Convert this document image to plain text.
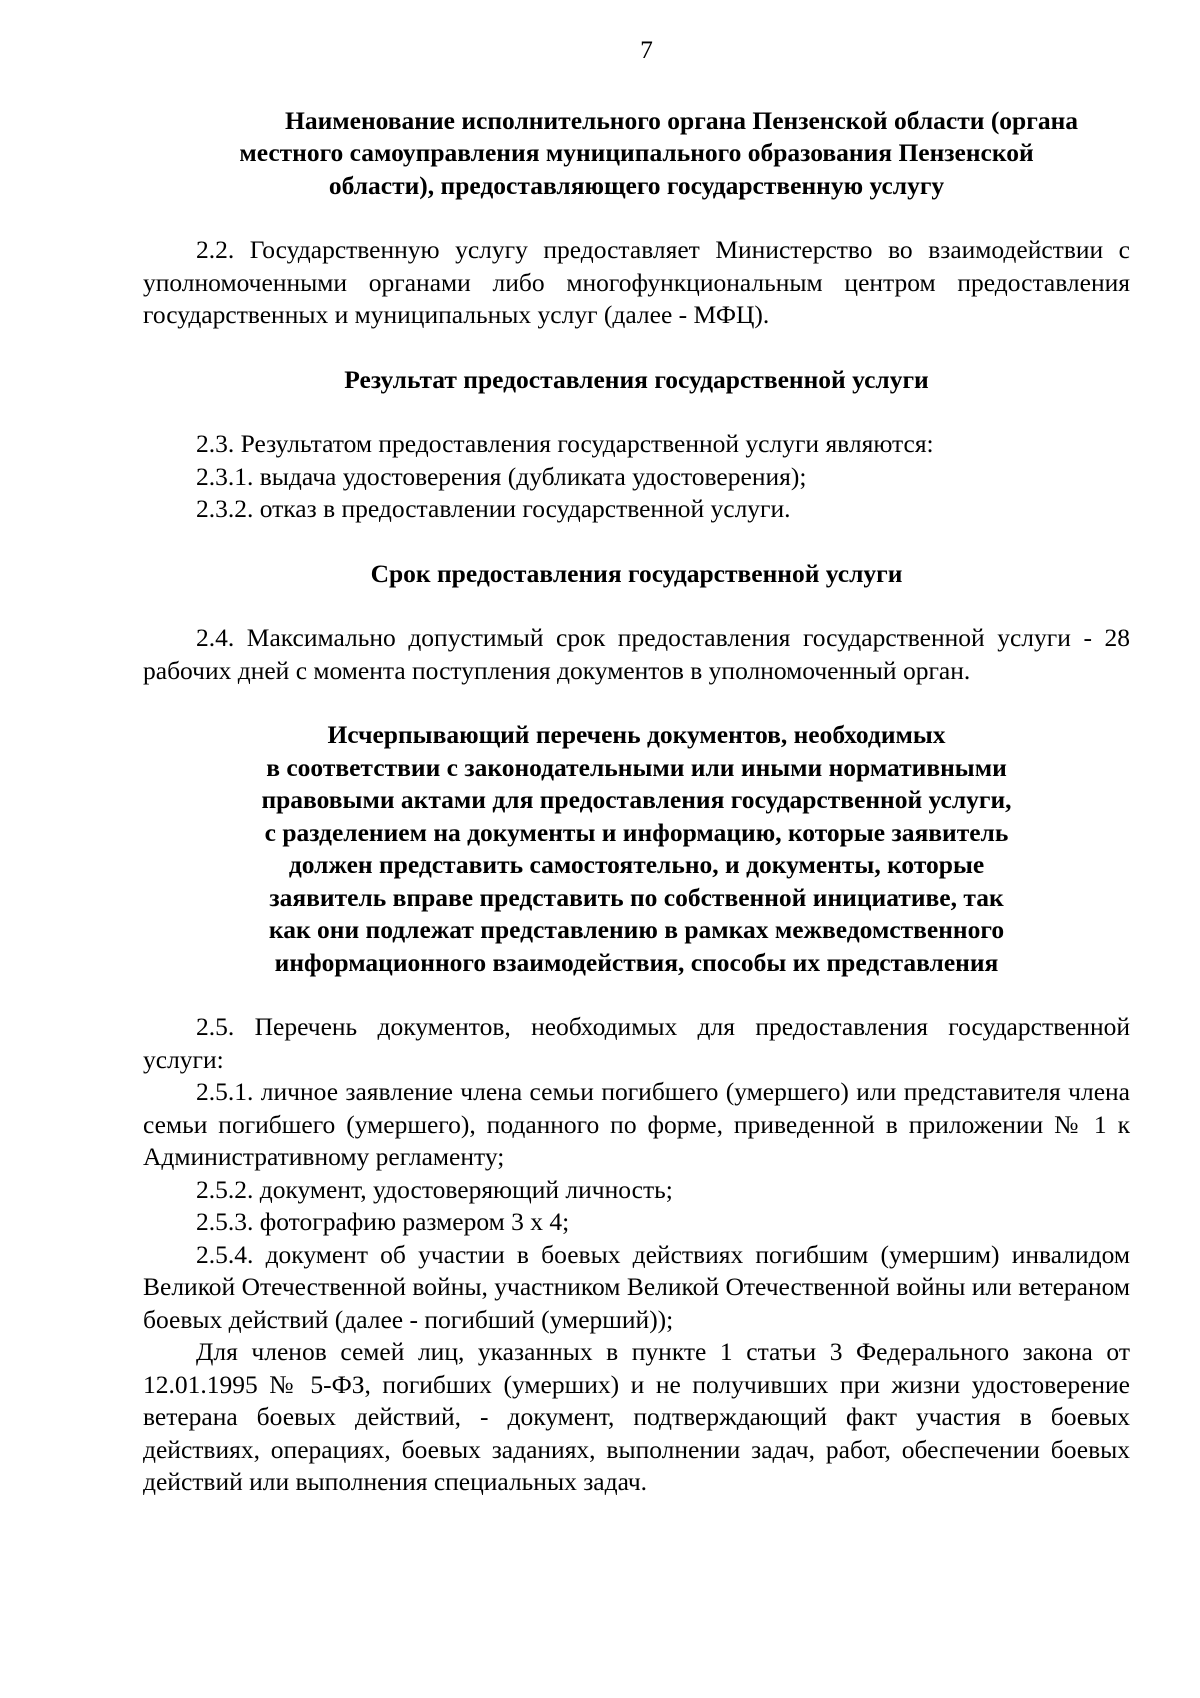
7
Наименование исполнительного органа Пензенской области (органа
местного самоуправления муниципального образования Пензенской
области), предоставляющего государственную услугу

2.2. Государственную услугу предоставляет Министерство во взаимодействии с уполномоченными органами либо многофункциональным центром предоставления государственных и муниципальных услуг (далее - МФЦ).

Результат предоставления государственной услуги

2.3. Результатом предоставления государственной услуги являются:

2.3.1. выдача удостоверения (дубликата удостоверения);

2.3.2. отказ в предоставлении государственной услуги.

Срок предоставления государственной услуги

2.4. Максимально допустимый срок предоставления государственной услуги - 28 рабочих дней с момента поступления документов в уполномоченный орган.

Исчерпывающий перечень документов, необходимых
в соответствии с законодательными или иными нормативными
правовыми актами для предоставления государственной услуги,
с разделением на документы и информацию, которые заявитель
должен представить самостоятельно, и документы, которые
заявитель вправе представить по собственной инициативе, так
как они подлежат представлению в рамках межведомственного
информационного взаимодействия, способы их представления

2.5. Перечень документов, необходимых для предоставления государственной услуги:

2.5.1. личное заявление члена семьи погибшего (умершего) или представителя члена семьи погибшего (умершего), поданного по форме, приведенной в приложении № 1 к Административному регламенту;

2.5.2. документ, удостоверяющий личность;

2.5.3. фотографию размером 3 х 4;

2.5.4. документ об участии в боевых действиях погибшим (умершим) инвалидом Великой Отечественной войны, участником Великой Отечественной войны или ветераном боевых действий (далее - погибший (умерший));

Для членов семей лиц, указанных в пункте 1 статьи 3 Федерального закона от 12.01.1995 № 5-ФЗ, погибших (умерших) и не получивших при жизни удостоверение ветерана боевых действий, - документ, подтверждающий факт участия в боевых действиях, операциях, боевых заданиях, выполнении задач, работ, обеспечении боевых действий или выполнения специальных задач.
